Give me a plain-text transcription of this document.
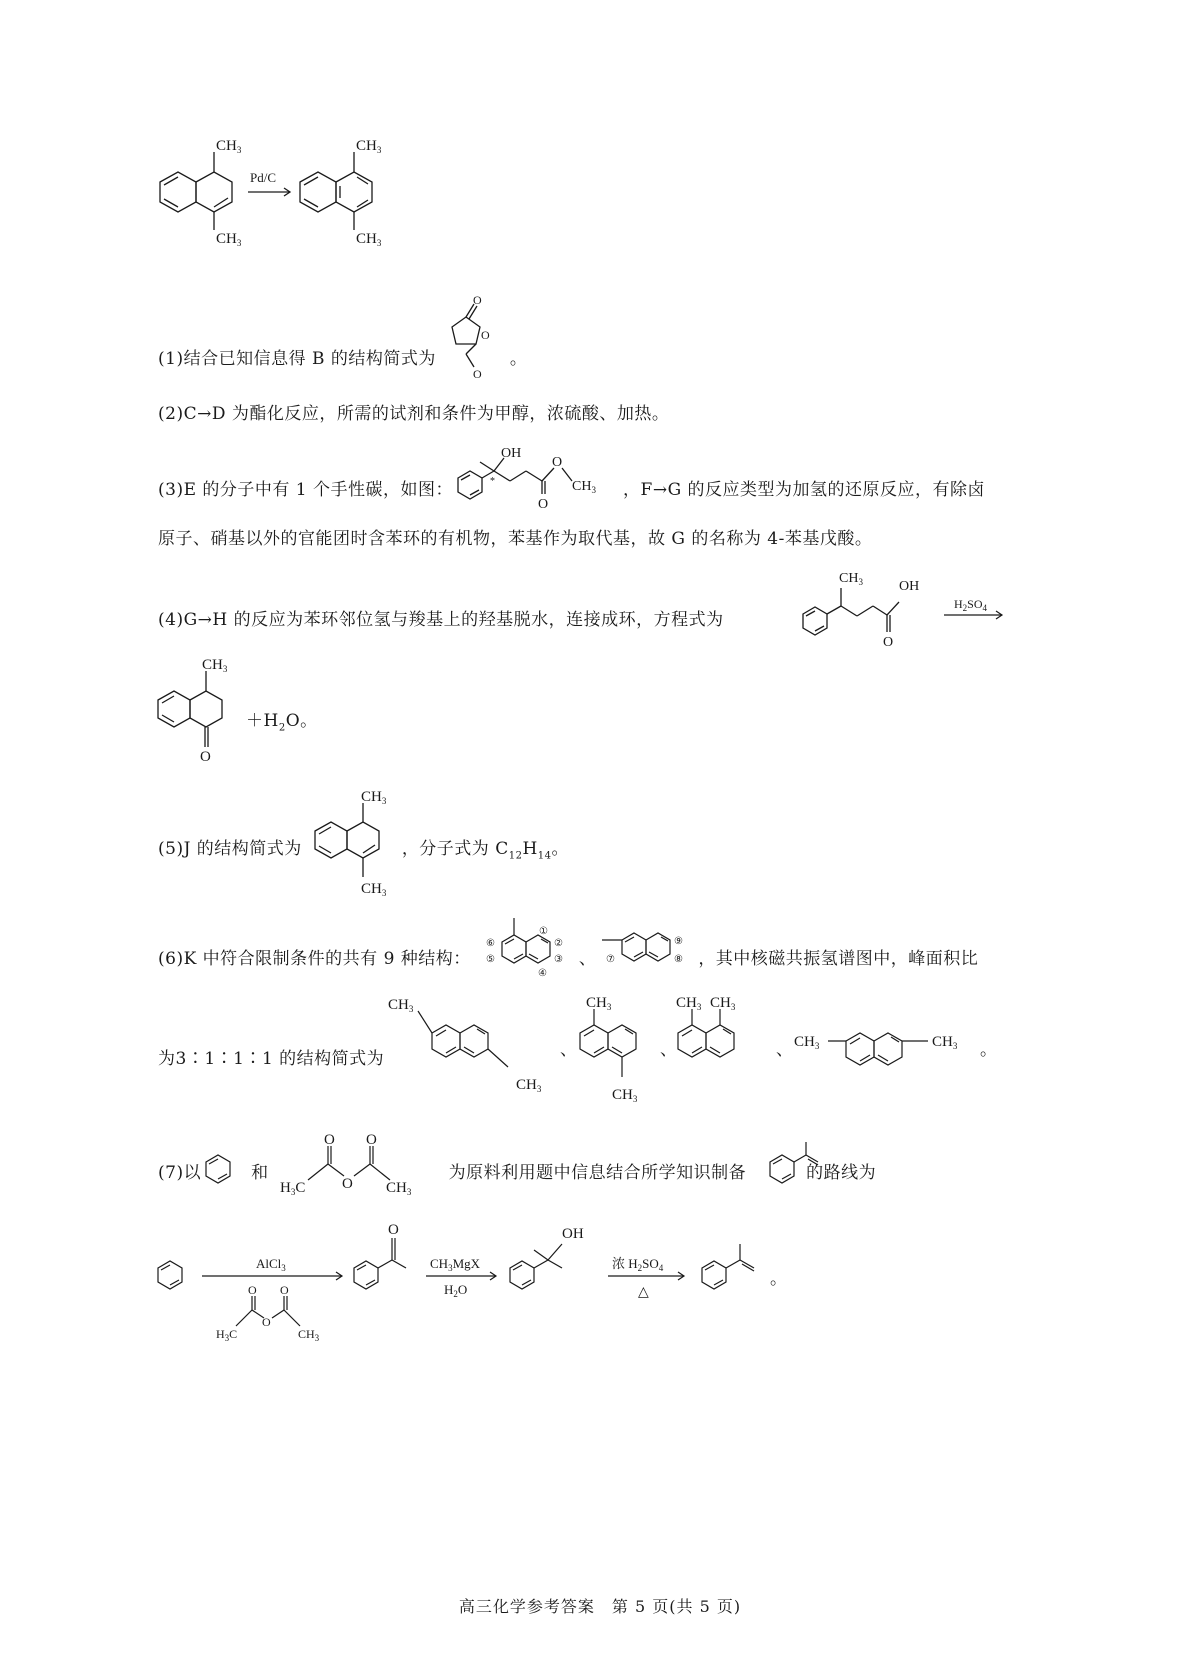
Pd/C
$CH_3$
$CH_3$
$CH_3$
$CH_3$
(1)结合已知信息得 B 的结构简式为	。
O
O
O
(2)C→D 为酯化反应，所需的试剂和条件为甲醇，浓硫酸、加热。
(3)E 的分子中有 1 个手性碳，如图：	，F→G 的反应类型为加氢的还原反应，有除卤
OH
O
O
$CH_3$
*
原子、硝基以外的官能团时含苯环的有机物，苯基作为取代基，故 G 的名称为 4-苯基戊酸。
(4)G→H 的反应为苯环邻位氢与羧基上的羟基脱水，连接成环，方程式为
$CH_3$	OH
O
$H_2SO_4$
$CH_3$
O
$+H_2O$。
(5)J 的结构简式为	，分子式为 $C_{12}H_{14}$。
$CH_3$
$CH_3$
(6)K 中符合限制条件的共有 9 种结构：	、	，其中核磁共振氢谱图中，峰面积比
①
②
③
④
⑤
⑥	⑨
⑧
⑦
为3∶1∶1∶1 的结构简式为
$CH_3$
$CH_3$
、
$CH_3$
$CH_3$
、
$CH_3$ $CH_3$
、 $CH_3$	$CH_3$ 。
(7)以	和	为原料利用题中信息结合所学知识制备	的路线为
O O
O
$H_3C$	$CH_3$
AlCl$_3$
O O
O
$H_3C$	$CH_3$
O
$CH_3MgX$
$H_2O$
OH
浓 $H_2SO_4$
△
。
高三化学参考答案　第 5 页(共 5 页)
